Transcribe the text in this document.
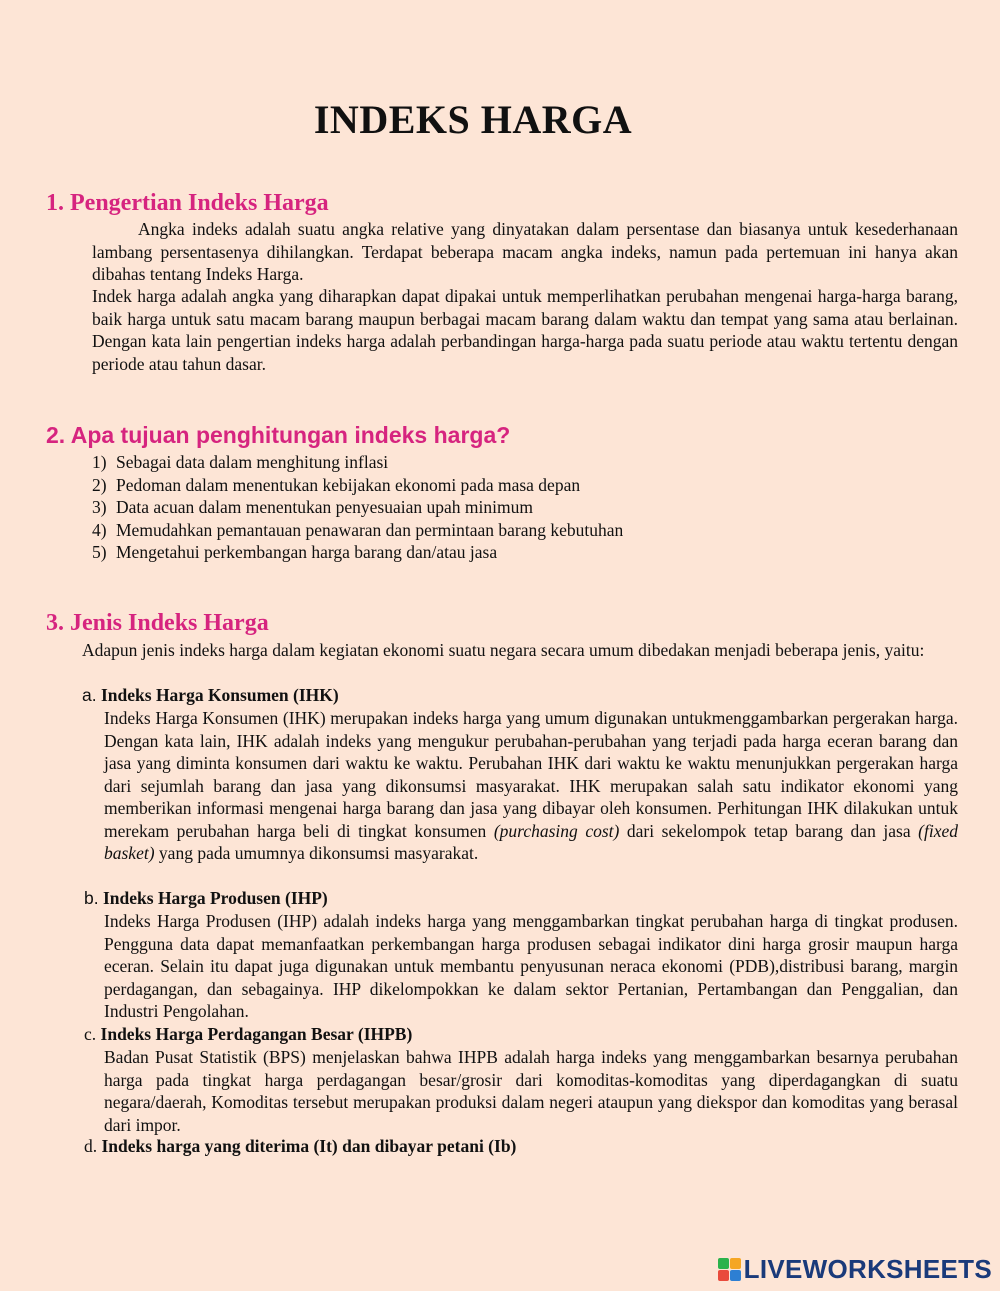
INDEKS HARGA
1. Pengertian Indeks Harga
Angka indeks adalah suatu angka relative yang dinyatakan dalam persentase dan biasanya untuk kesederhanaan lambang persentasenya dihilangkan. Terdapat beberapa macam angka indeks, namun pada pertemuan ini hanya akan dibahas tentang Indeks Harga.
Indek harga adalah angka yang diharapkan dapat dipakai untuk memperlihatkan perubahan mengenai harga-harga barang, baik harga untuk satu macam barang maupun berbagai macam barang dalam waktu dan tempat yang sama atau berlainan. Dengan kata lain pengertian indeks harga adalah perbandingan harga-harga pada suatu periode atau waktu tertentu dengan periode atau tahun dasar.
2. Apa tujuan penghitungan indeks harga?
1) Sebagai data dalam menghitung inflasi
2) Pedoman dalam menentukan kebijakan ekonomi pada masa depan
3) Data acuan dalam menentukan penyesuaian upah minimum
4) Memudahkan pemantauan penawaran dan permintaan barang kebutuhan
5) Mengetahui perkembangan harga barang dan/atau jasa
3. Jenis Indeks Harga
Adapun jenis indeks harga dalam kegiatan ekonomi suatu negara secara umum dibedakan menjadi beberapa jenis, yaitu:
a. Indeks Harga Konsumen (IHK)
Indeks Harga Konsumen (IHK) merupakan indeks harga yang umum digunakan untukmenggambarkan pergerakan harga. Dengan kata lain, IHK adalah indeks yang mengukur perubahan-perubahan yang terjadi pada harga eceran barang dan jasa yang diminta konsumen dari waktu ke waktu. Perubahan IHK dari waktu ke waktu menunjukkan pergerakan harga dari sejumlah barang dan jasa yang dikonsumsi masyarakat. IHK merupakan salah satu indikator ekonomi yang memberikan informasi mengenai harga barang dan jasa yang dibayar oleh konsumen. Perhitungan IHK dilakukan untuk merekam perubahan harga beli di tingkat konsumen (purchasing cost) dari sekelompok tetap barang dan jasa (fixed basket) yang pada umumnya dikonsumsi masyarakat.
b. Indeks Harga Produsen (IHP)
Indeks Harga Produsen (IHP) adalah indeks harga yang menggambarkan tingkat perubahan harga di tingkat produsen. Pengguna data dapat memanfaatkan perkembangan harga produsen sebagai indikator dini harga grosir maupun harga eceran. Selain itu dapat juga digunakan untuk membantu penyusunan neraca ekonomi (PDB),distribusi barang, margin perdagangan, dan sebagainya. IHP dikelompokkan ke dalam sektor Pertanian, Pertambangan dan Penggalian, dan Industri Pengolahan.
c. Indeks Harga Perdagangan Besar (IHPB)
Badan Pusat Statistik (BPS) menjelaskan bahwa IHPB adalah harga indeks yang menggambarkan besarnya perubahan harga pada tingkat harga perdagangan besar/grosir dari komoditas-komoditas yang diperdagangkan di suatu negara/daerah, Komoditas tersebut merupakan produksi dalam negeri ataupun yang diekspor dan komoditas yang berasal dari impor.
d. Indeks harga yang diterima (It) dan dibayar petani (Ib)
LIVEWORKSHEETS
